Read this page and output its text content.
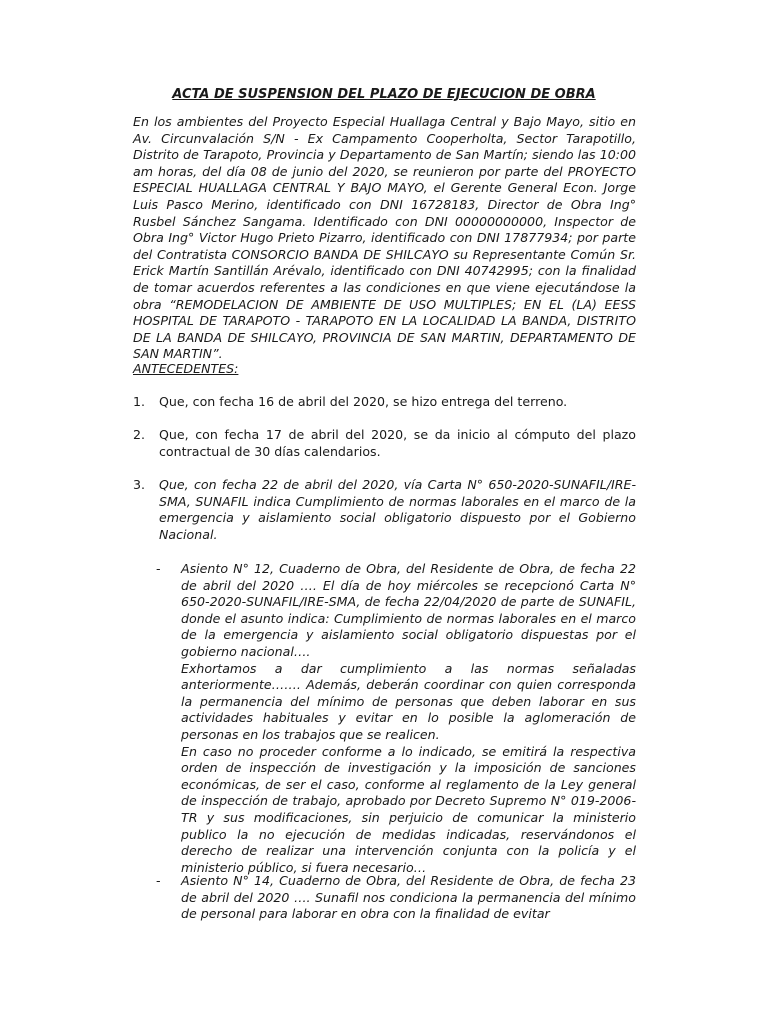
ACTA DE SUSPENSION DEL PLAZO DE EJECUCION DE OBRA

En los ambientes del Proyecto Especial Huallaga Central y Bajo Mayo, sitio en Av. Circunvalación S/N - Ex Campamento Cooperholta, Sector Tarapotillo, Distrito de Tarapoto, Provincia y Departamento de San Martín; siendo las 10:00 am horas, del día 08 de junio del 2020, se reunieron por parte del PROYECTO ESPECIAL HUALLAGA CENTRAL Y BAJO MAYO, el Gerente General Econ. Jorge Luis Pasco Merino, identificado con DNI 16728183, Director de Obra Ing° Rusbel Sánchez Sangama. Identificado con DNI 00000000000, Inspector de Obra Ing° Victor Hugo Prieto Pizarro, identificado con DNI 17877934; por parte del Contratista CONSORCIO BANDA DE SHILCAYO su Representante Común Sr. Erick Martín Santillán Arévalo, identificado con DNI 40742995; con la finalidad de tomar acuerdos referentes a las condiciones en que viene ejecutándose la obra “REMODELACION DE AMBIENTE DE USO MULTIPLES; EN EL (LA) EESS HOSPITAL DE TARAPOTO - TARAPOTO EN LA LOCALIDAD LA BANDA, DISTRITO DE LA BANDA DE SHILCAYO, PROVINCIA DE SAN MARTIN, DEPARTAMENTO DE SAN MARTIN”.

ANTECEDENTES:

1. Que, con fecha 16 de abril del 2020, se hizo entrega del terreno.
2. Que, con fecha 17 de abril del 2020, se da inicio al cómputo del plazo contractual de 30 días calendarios.
3. Que, con fecha 22 de abril del 2020, vía Carta N° 650-2020-SUNAFIL/IRE-SMA, SUNAFIL indica Cumplimiento de normas laborales en el marco de la emergencia y aislamiento social obligatorio dispuesto por el Gobierno Nacional.
- Asiento N° 12, Cuaderno de Obra, del Residente de Obra, de fecha 22 de abril del 2020 …. El día de hoy miércoles se recepcionó Carta N° 650-2020-SUNAFIL/IRE-SMA, de fecha 22/04/2020 de parte de SUNAFIL, donde el asunto indica: Cumplimiento de normas laborales en el marco de la emergencia y aislamiento social obligatorio dispuestas por el gobierno nacional….

Exhortamos a dar cumplimiento a las normas señaladas anteriormente……. Además, deberán coordinar con quien corresponda la permanencia del mínimo de personas que deben laborar en sus actividades habituales y evitar en lo posible la aglomeración de personas en los trabajos que se realicen.

En caso no proceder conforme a lo indicado, se emitirá la respectiva orden de inspección de investigación y la imposición de sanciones económicas, de ser el caso, conforme al reglamento de la Ley general de inspección de trabajo, aprobado por Decreto Supremo N° 019-2006-TR y sus modificaciones, sin perjuicio de comunicar la ministerio publico la no ejecución de medidas indicadas, reservándonos el derecho de realizar una intervención conjunta con la policía y el ministerio público, si fuera necesario…

- Asiento N° 14, Cuaderno de Obra, del Residente de Obra, de fecha 23 de abril del 2020 …. Sunafil nos condiciona la permanencia del mínimo de personal para laborar en obra con la finalidad de evitar
